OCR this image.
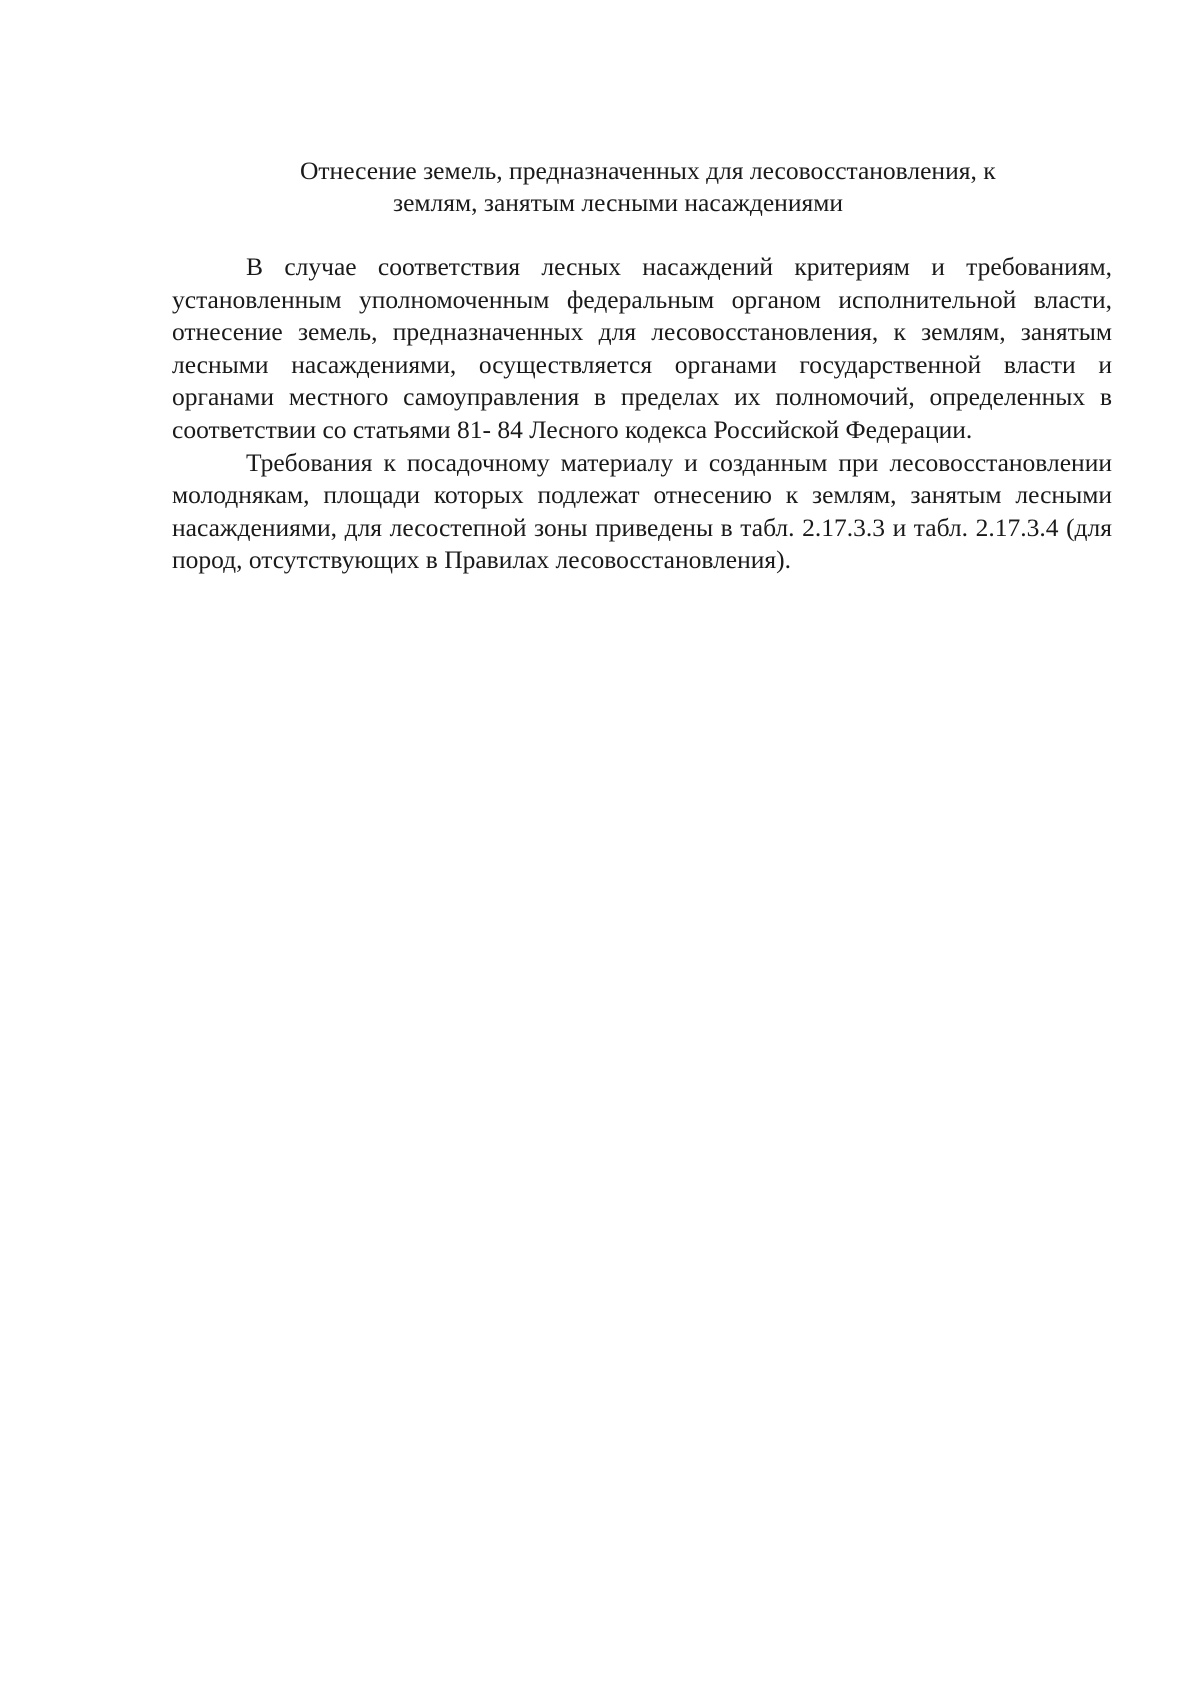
Отнесение земель, предназначенных для лесовосстановления, к
землям, занятым лесными насаждениями

В случае соответствия лесных насаждений критериям и требованиям, установленным уполномоченным федеральным органом исполнительной власти, отнесение земель, предназначенных для лесовосстановления, к землям, занятым лесными насаждениями, осуществляется органами государственной власти и органами местного самоуправления в пределах их полномочий, определенных в соответствии со статьями 81- 84 Лесного кодекса Российской Федерации.

Требования к посадочному материалу и созданным при лесовосстановлении молоднякам, площади которых подлежат отнесению к землям, занятым лесными насаждениями, для лесостепной зоны приведены в табл. 2.17.3.3 и табл. 2.17.3.4 (для пород, отсутствующих в Правилах лесовосстановления).
